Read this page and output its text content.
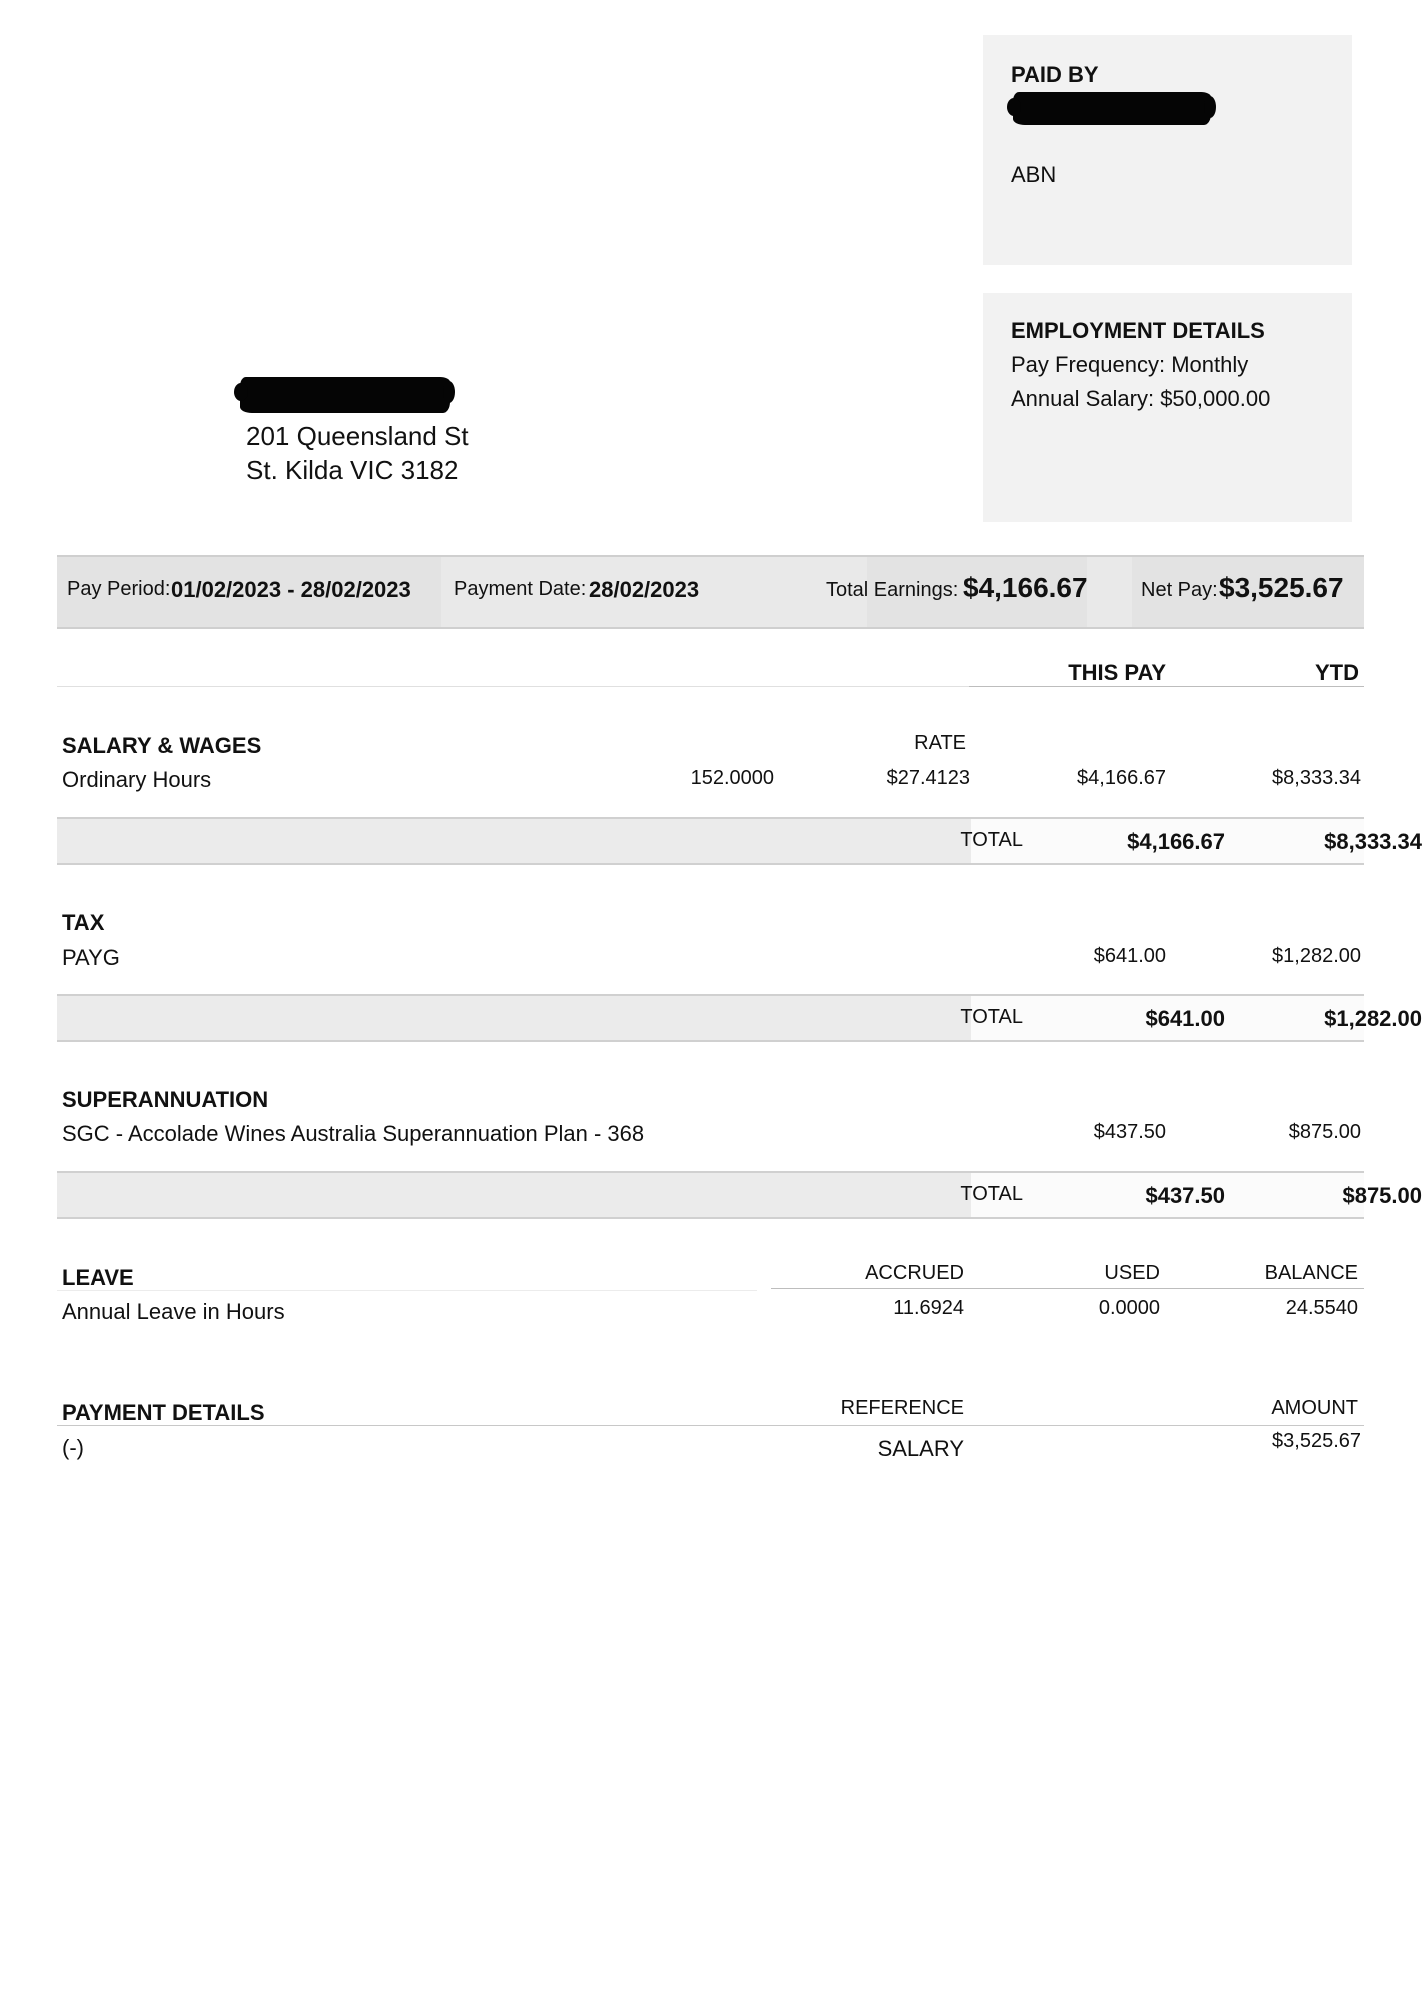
PAID BY
ABN
EMPLOYMENT DETAILS
Pay Frequency: Monthly
Annual Salary: $50,000.00
201 Queensland St
St. Kilda VIC 3182
Pay Period: 01/02/2023 - 28/02/2023 Payment Date: 28/02/2023	Total Earnings: $4,166.67	Net Pay: $3,525.67
THIS PAY	YTD
SALARY & WAGES	RATE
Ordinary Hours	152.0000	$27.4123	$4,166.67	$8,333.34
TOTAL	$4,166.67	$8,333.34
TAX
PAYG	$641.00	$1,282.00
TOTAL	$641.00	$1,282.00
SUPERANNUATION
SGC - Accolade Wines Australia Superannuation Plan - 368	$437.50	$875.00
TOTAL	$437.50	$875.00
LEAVE	ACCRUED	USED	BALANCE
Annual Leave in Hours	11.6924	0.0000	24.5540
PAYMENT DETAILS	REFERENCE	AMOUNT
(-)	SALARY	$3,525.67
